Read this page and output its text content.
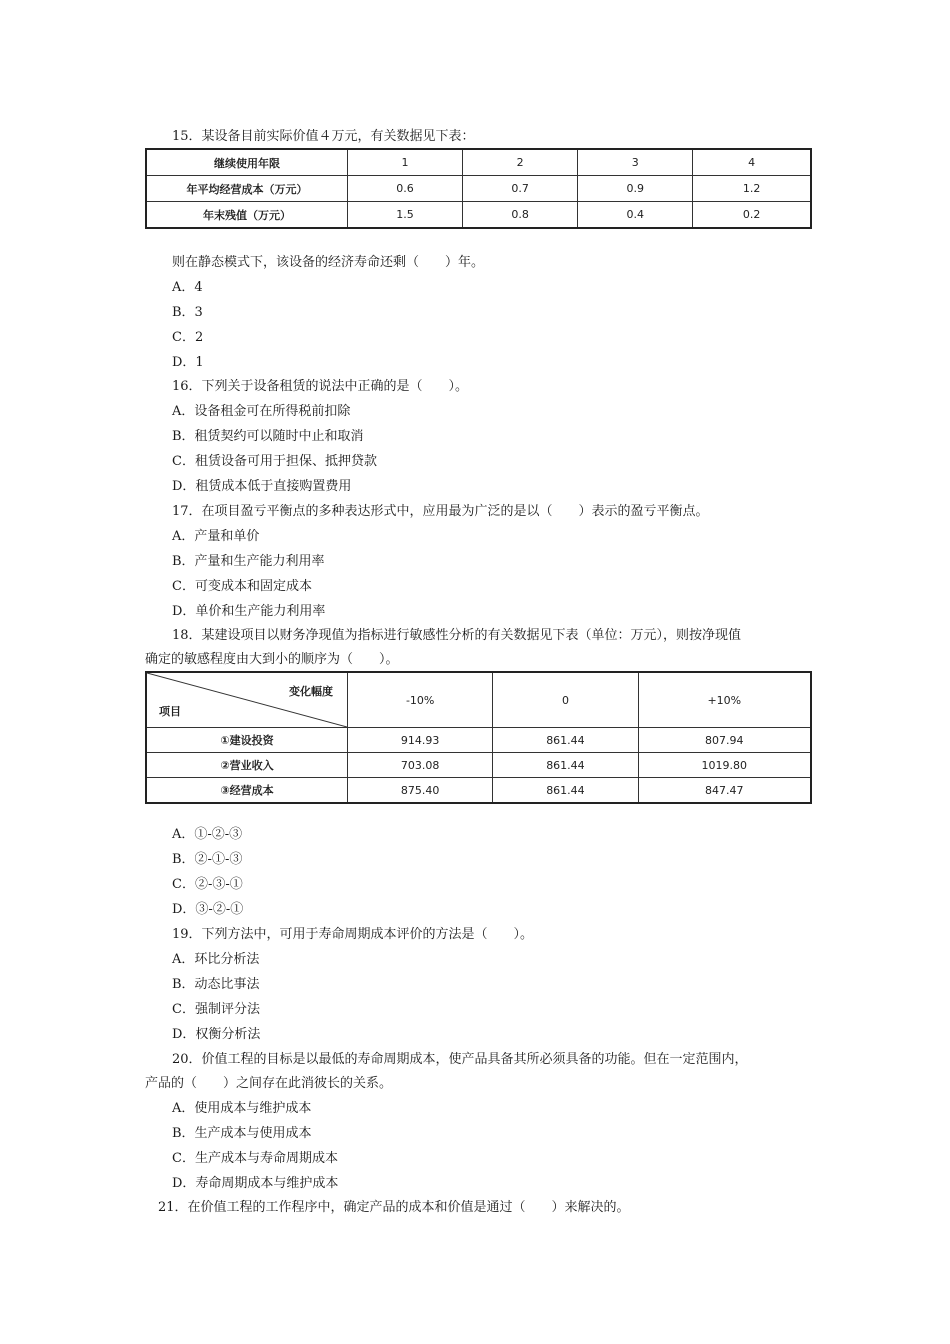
15．某设备目前实际价值４万元，有关数据见下表：
继续使用年限	1	2	3	4
年平均经营成本（万元）	0.6	0.7	0.9	1.2
年末残值（万元）	1.5	0.8	0.4	0.2
则在静态模式下，该设备的经济寿命还剩（　　）年。
A．4
B．3
C．2
D．1
16．下列关于设备租赁的说法中正确的是（　　）。
A．设备租金可在所得税前扣除
B．租赁契约可以随时中止和取消
C．租赁设备可用于担保、抵押贷款
D．租赁成本低于直接购置费用
17．在项目盈亏平衡点的多种表达形式中，应用最为广泛的是以（　　）表示的盈亏平衡点。
A．产量和单价
B．产量和生产能力利用率
C．可变成本和固定成本
D．单价和生产能力利用率
18．某建设项目以财务净现值为指标进行敏感性分析的有关数据见下表（单位：万元），则按净现值
确定的敏感程度由大到小的顺序为（　　）。
变化幅度
项目	-10%	0	+10%
①建设投资	914.93	861.44	807.94
②营业收入	703.08	861.44	1019.80
③经营成本	875.40	861.44	847.47
A．①-②-③
B．②-①-③
C．②-③-①
D．③-②-①
19．下列方法中，可用于寿命周期成本评价的方法是（　　）。
A．环比分析法
B．动态比事法
C．强制评分法
D．权衡分析法
20．价值工程的目标是以最低的寿命周期成本，使产品具备其所必须具备的功能。但在一定范围内，
产品的（　　）之间存在此消彼长的关系。
A．使用成本与维护成本
B．生产成本与使用成本
C．生产成本与寿命周期成本
D．寿命周期成本与维护成本
21．在价值工程的工作程序中，确定产品的成本和价值是通过（　　）来解决的。
